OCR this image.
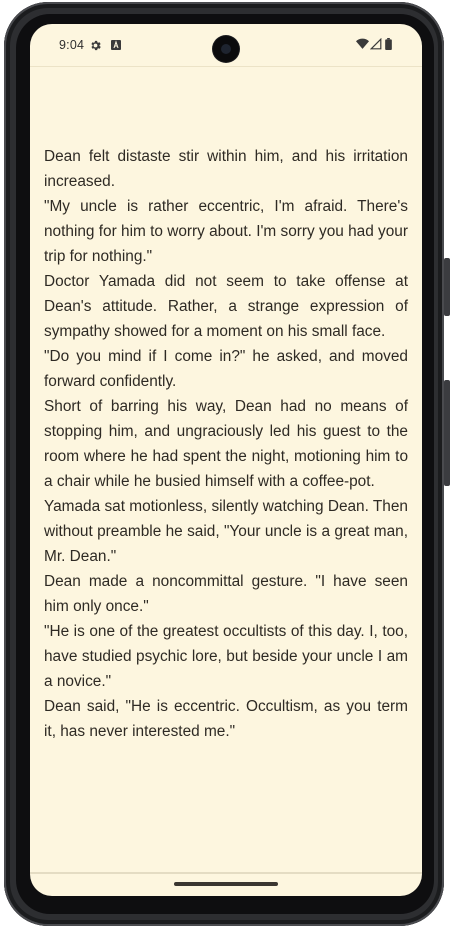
9:04

Dean felt distaste stir within him, and his irritation increased.

"My uncle is rather eccentric, I'm afraid. There's nothing for him to worry about. I'm sorry you had your trip for nothing."

Doctor Yamada did not seem to take offense at Dean's attitude. Rather, a strange expression of sympathy showed for a moment on his small face.

"Do you mind if I come in?" he asked, and moved forward confidently.

Short of barring his way, Dean had no means of stopping him, and ungraciously led his guest to the room where he had spent the night, motioning him to a chair while he busied himself with a coffee-pot.

Yamada sat motionless, silently watching Dean. Then without preamble he said, "Your uncle is a great man, Mr. Dean."

Dean made a noncommittal gesture. "I have seen him only once."

"He is one of the greatest occultists of this day. I, too, have studied psychic lore, but beside your uncle I am a novice."

Dean said, "He is eccentric. Occultism, as you term it, has never interested me."
